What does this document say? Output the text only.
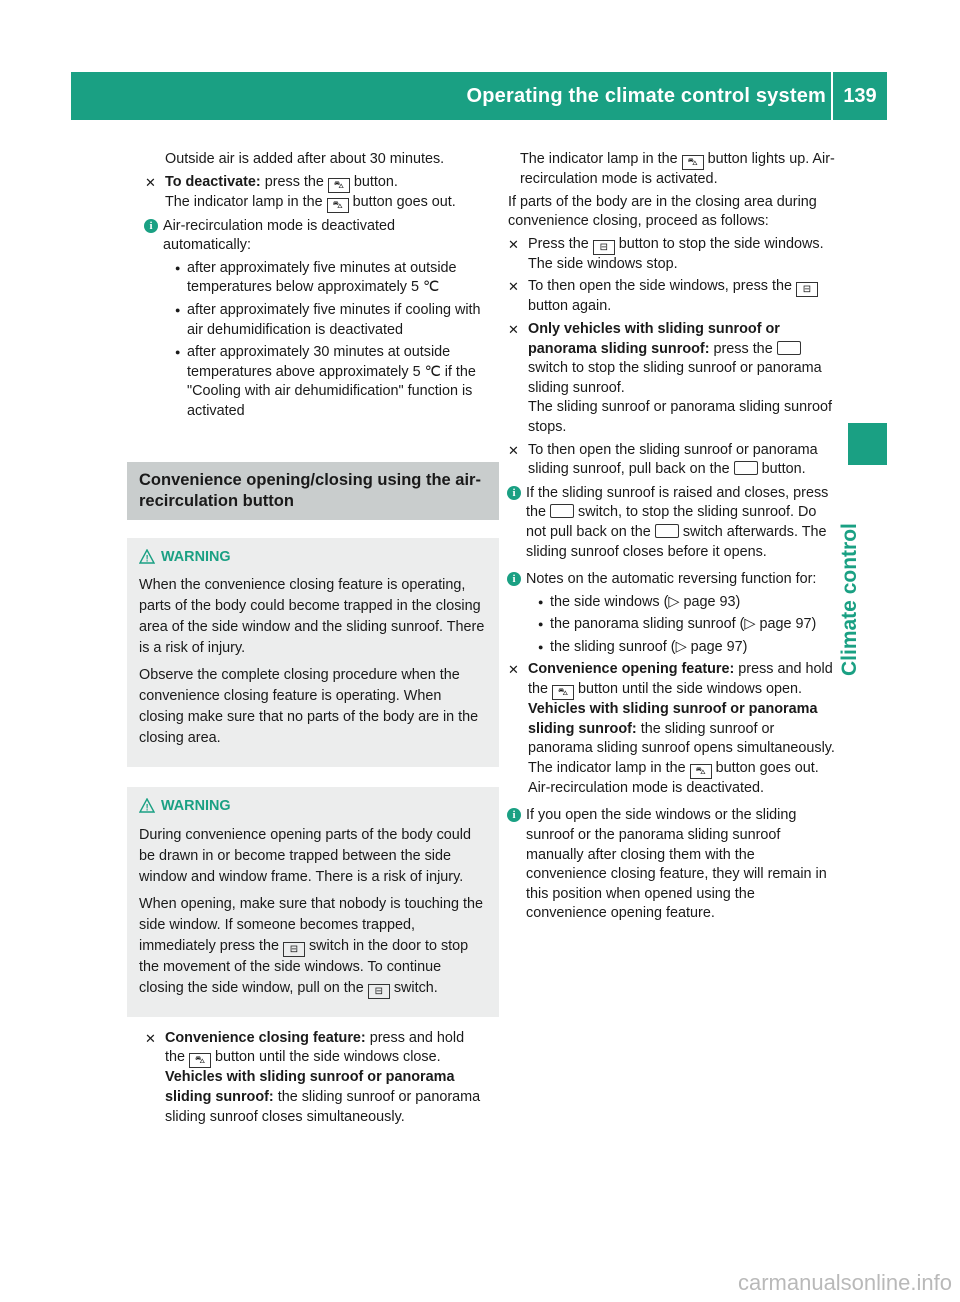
Operating the climate control system 139
Climate control

Outside air is added after about 30 minutes.

✕ To deactivate: press the ⛍ button.
The indicator lamp in the ⛍ button goes out.

i Air-recirculation mode is deactivated automatically:
● after approximately five minutes at outside temperatures below approximately 5 ℃
● after approximately five minutes if cooling with air dehumidification is deactivated
● after approximately 30 minutes at outside temperatures above approximately 5 ℃ if the "Cooling with air dehumidification" function is activated
Convenience opening/closing using the air-recirculation button
! WARNING

When the convenience closing feature is operating, parts of the body could become trapped in the closing area of the side window and the sliding sunroof. There is a risk of injury.

Observe the complete closing procedure when the convenience closing feature is operating. When closing make sure that no parts of the body are in the closing area.

! WARNING

During convenience opening parts of the body could be drawn in or become trapped between the side window and window frame. There is a risk of injury.

When opening, make sure that nobody is touching the side window. If someone becomes trapped, immediately press the ⊟ switch in the door to stop the movement of the side windows. To continue closing the side window, pull on the ⊟ switch.

✕ Convenience closing feature: press and hold the ⛍ button until the side windows close.
Vehicles with sliding sunroof or panorama sliding sunroof: the sliding sunroof or panorama sliding sunroof closes simultaneously.

The indicator lamp in the ⛍ button lights up. Air-recirculation mode is activated.

If parts of the body are in the closing area during convenience closing, proceed as follows:

✕ Press the ⊟ button to stop the side windows.
The side windows stop.

✕ To then open the side windows, press the ⊟ button again.

✕ Only vehicles with sliding sunroof or panorama sliding sunroof: press the  switch to stop the sliding sunroof or panorama sliding sunroof.
The sliding sunroof or panorama sliding sunroof stops.

✕ To then open the sliding sunroof or panorama sliding sunroof, pull back on the button.

i If the sliding sunroof is raised and closes, press the switch, to stop the sliding sunroof. Do not pull back on the switch afterwards. The sliding sunroof closes before it opens.
i Notes on the automatic reversing function for:
● the side windows (▷ page 93)
● the panorama sliding sunroof (▷ page 97)
● the sliding sunroof (▷ page 97)

✕ Convenience opening feature: press and hold the ⛍ button until the side windows open.
Vehicles with sliding sunroof or panorama sliding sunroof: the sliding sunroof or panorama sliding sunroof opens simultaneously.
The indicator lamp in the ⛍ button goes out. Air-recirculation mode is deactivated.

i If you open the side windows or the sliding sunroof or the panorama sliding sunroof manually after closing them with the convenience closing feature, they will remain in this position when opened using the convenience opening feature.
carmanualsonline.info
